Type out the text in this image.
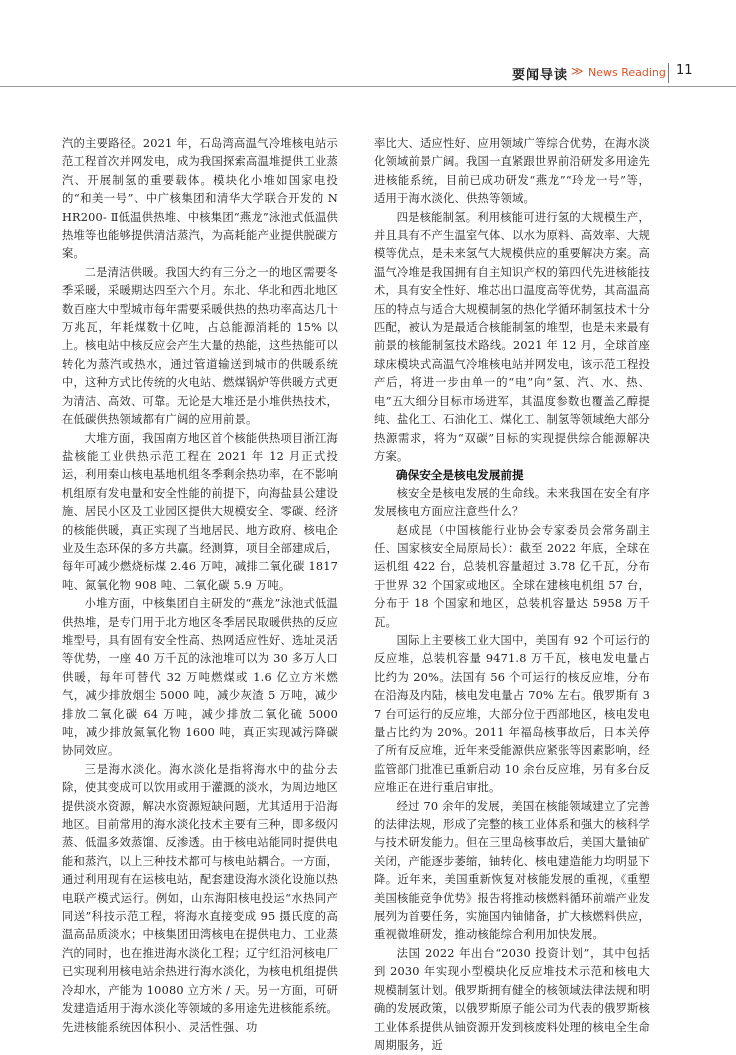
要闻导读 ≫ News Reading 11

汽的主要路径。2021 年，石岛湾高温气冷堆核电站示范工程首次并网发电，成为我国探索高温堆提供工业蒸汽、开展制氢的重要载体。模块化小堆如国家电投的“和美一号”、中广核集团和清华大学联合开发的 NHR200- Ⅱ低温供热堆、中核集团“燕龙”泳池式低温供热堆等也能够提供清洁蒸汽，为高耗能产业提供脱碳方案。

二是清洁供暖。我国大约有三分之一的地区需要冬季采暖，采暖期达四至六个月。东北、华北和西北地区数百座大中型城市每年需要采暖供热的热功率高达几十万兆瓦，年耗煤数十亿吨，占总能源消耗的 15% 以上。核电站中核反应会产生大量的热能，这些热能可以转化为蒸汽或热水，通过管道输送到城市的供暖系统中，这种方式比传统的火电站、燃煤锅炉等供暖方式更为清洁、高效、可靠。无论是大堆还是小堆供热技术，在低碳供热领域都有广阔的应用前景。

大堆方面，我国南方地区首个核能供热项目浙江海盐核能工业供热示范工程在 2021 年 12 月正式投运，利用秦山核电基地机组冬季剩余热功率，在不影响机组原有发电量和安全性能的前提下，向海盐县公建设施、居民小区及工业园区提供大规模安全、零碳、经济的核能供暖，真正实现了当地居民、地方政府、核电企业及生态环保的多方共赢。经测算，项目全部建成后，每年可减少燃烧标煤 2.46 万吨，减排二氧化碳 1817 吨、氮氧化物 908 吨、二氧化碳 5.9 万吨。

小堆方面，中核集团自主研发的“燕龙”泳池式低温供热堆，是专门用于北方地区冬季居民取暖供热的反应堆型号，具有固有安全性高、热网适应性好、选址灵活等优势，一座 40 万千瓦的泳池堆可以为 30 多万人口供暖，每年可替代 32 万吨燃煤或 1.6 亿立方米燃气，减少排放烟尘 5000 吨，减少灰渣 5 万吨，减少排放二氧化碳 64 万吨，减少排放二氧化硫 5000 吨，减少排放氮氧化物 1600 吨，真正实现减污降碳协同效应。

三是海水淡化。海水淡化是指将海水中的盐分去除，使其变成可以饮用或用于灌溉的淡水，为周边地区提供淡水资源，解决水资源短缺问题，尤其适用于沿海地区。目前常用的海水淡化技术主要有三种，即多级闪蒸、低温多效蒸馏、反渗透。由于核电站能同时提供电能和蒸汽，以上三种技术都可与核电站耦合。一方面，通过利用现有在运核电站，配套建设海水淡化设施以热电联产模式运行。例如，山东海阳核电投运“水热同产同送”科技示范工程，将海水直接变成 95 摄氏度的高温高品质淡水；中核集团田湾核电在提供电力、工业蒸汽的同时，也在推进海水淡化工程；辽宁红沿河核电厂已实现利用核电站余热进行海水淡化，为核电机组提供冷却水，产能为 10080 立方米 / 天。另一方面，可研发建造适用于海水淡化等领域的多用途先进核能系统。先进核能系统因体积小、灵活性强、功

率比大、适应性好、应用领域广等综合优势，在海水淡化领域前景广阔。我国一直紧跟世界前沿研发多用途先进核能系统，目前已成功研发“燕龙”“玲龙一号”等，适用于海水淡化、供热等领域。

四是核能制氢。利用核能可进行氢的大规模生产，并且具有不产生温室气体、以水为原料、高效率、大规模等优点，是未来氢气大规模供应的重要解决方案。高温气冷堆是我国拥有自主知识产权的第四代先进核能技术，具有安全性好、堆芯出口温度高等优势，其高温高压的特点与适合大规模制氢的热化学循环制氢技术十分匹配，被认为是最适合核能制氢的堆型，也是未来最有前景的核能制氢技术路线。2021 年 12 月，全球首座球床模块式高温气冷堆核电站并网发电，该示范工程投产后，将进一步由单一的“电”向“氢、汽、水、热、电”五大细分目标市场进军，其温度参数也覆盖乙醇提纯、盐化工、石油化工、煤化工、制氢等领域绝大部分热源需求，将为“双碳”目标的实现提供综合能源解决方案。

确保安全是核电发展前提

核安全是核电发展的生命线。未来我国在安全有序发展核电方面应注意些什么？

赵成昆（中国核能行业协会专家委员会常务副主任、国家核安全局原局长）：截至 2022 年底，全球在运机组 422 台，总装机容量超过 3.78 亿千瓦，分布于世界 32 个国家或地区。全球在建核电机组 57 台，分布于 18 个国家和地区，总装机容量达 5958 万千瓦。

国际上主要核工业大国中，美国有 92 个可运行的反应堆，总装机容量 9471.8 万千瓦，核电发电量占比约为 20%。法国有 56 个可运行的核反应堆，分布在沿海及内陆，核电发电量占 70% 左右。俄罗斯有 37 台可运行的反应堆，大部分位于西部地区，核电发电量占比约为 20%。2011 年福岛核事故后，日本关停了所有反应堆，近年来受能源供应紧张等因素影响，经监管部门批准已重新启动 10 余台反应堆，另有多台反应堆正在进行重启审批。

经过 70 余年的发展，美国在核能领域建立了完善的法律法规，形成了完整的核工业体系和强大的核科学与技术研发能力。但在三里岛核事故后，美国大量铀矿关闭，产能逐步萎缩，铀转化、核电建造能力均明显下降。近年来，美国重新恢复对核能发展的重视，《重塑美国核能竞争优势》报告将推动核燃料循环前端产业发展列为首要任务，实施国内铀储备，扩大核燃料供应，重视微堆研发，推动核能综合利用加快发展。

法国 2022 年出台“2030 投资计划”，其中包括到 2030 年实现小型模块化反应堆技术示范和核电大规模制氢计划。俄罗斯拥有健全的核领域法律法规和明确的发展政策，以俄罗斯原子能公司为代表的俄罗斯核工业体系提供从铀资源开发到核废料处理的核电全生命周期服务，近
